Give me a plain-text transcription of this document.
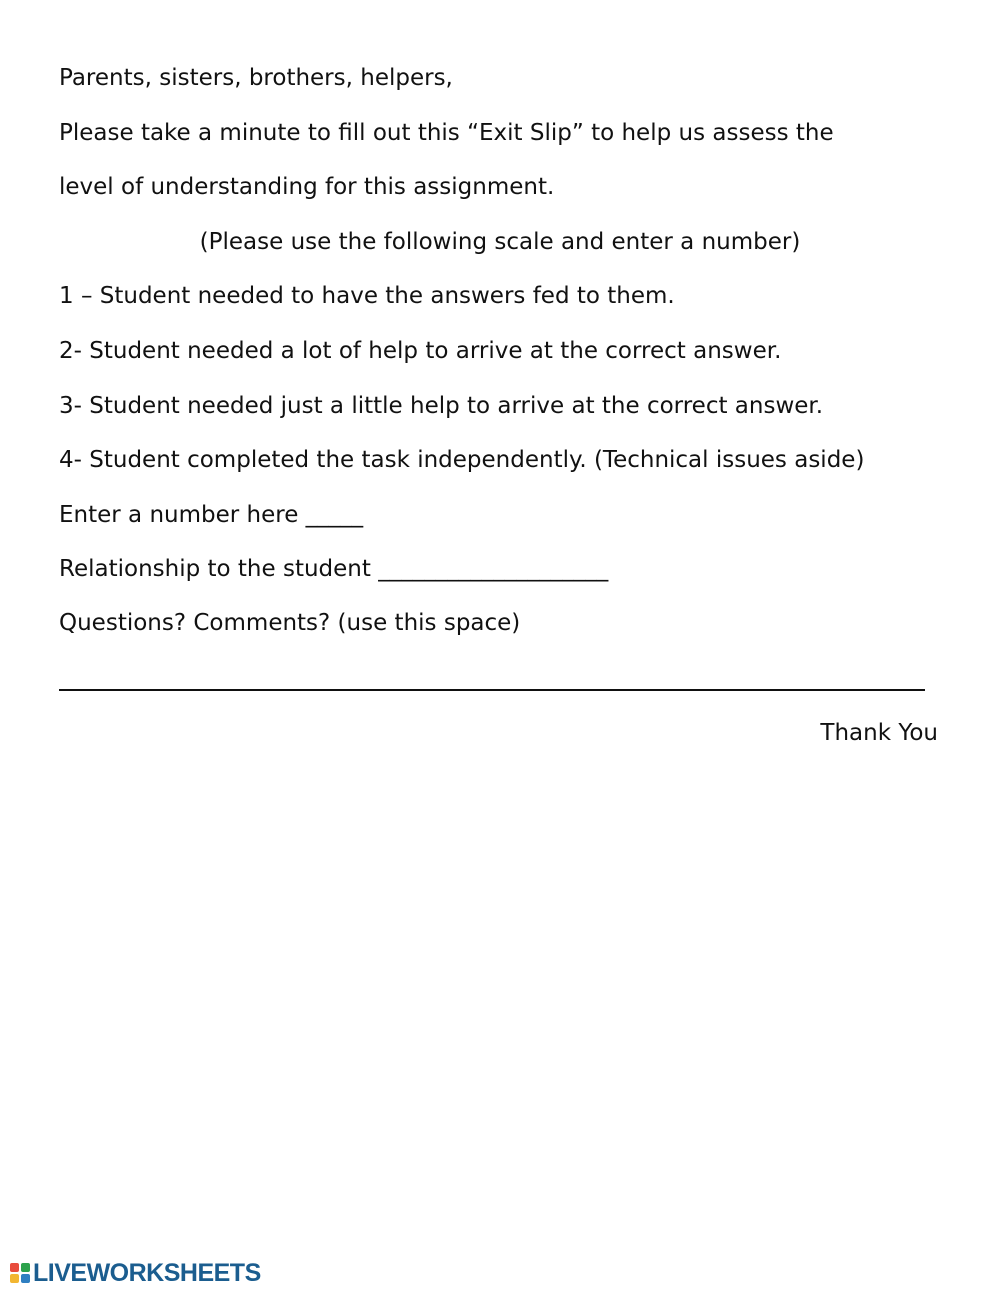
Parents, sisters, brothers, helpers,
Please take a minute to fill out this “Exit Slip” to help us assess the
level of understanding for this assignment.
(Please use the following scale and enter a number)
1 – Student needed to have the answers fed to them.
2- Student needed a lot of help to arrive at the correct answer.
3- Student needed just a little help to arrive at the correct answer.
4- Student completed the task independently. (Technical issues aside)
Enter a number here _____
Relationship to the student ____________________
Questions? Comments? (use this space)
Thank You
LIVEWORKSHEETS
